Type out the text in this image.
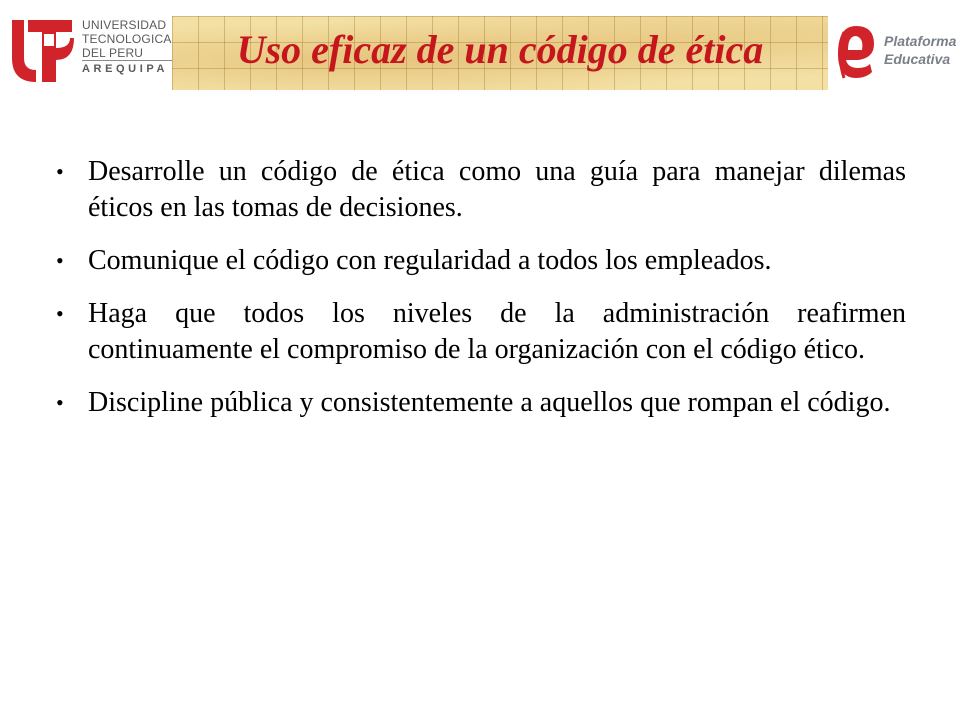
UNIVERSIDAD
TECNOLOGICA
DEL PERU
AREQUIPA	Uso eficaz de un código de ética	Plataforma
Educativa
• Desarrolle un código de ética como una guía para manejar dilemas éticos en las tomas de decisiones.
• Comunique el código con regularidad a todos los empleados.
• Haga que todos los niveles de la administración reafirmen continuamente el compromiso de la organización con el código ético.
• Discipline pública y consistentemente a aquellos que rompan el código.
